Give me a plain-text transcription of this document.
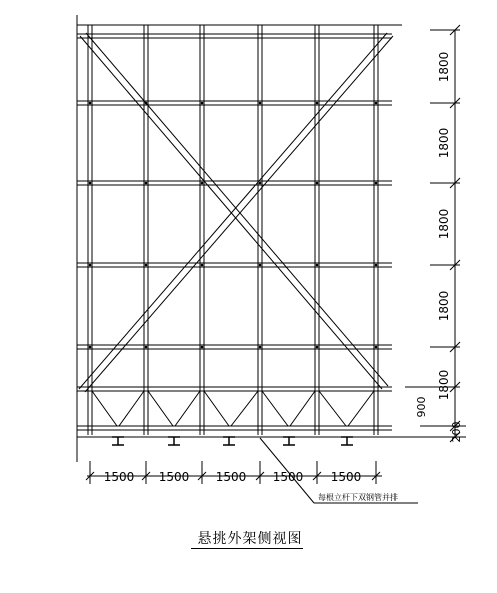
1800
1800
1800
1800
1800
900
200
1500 1500 1500 1500 1500
每根立杆下双钢管并排
悬挑外架侧视图
